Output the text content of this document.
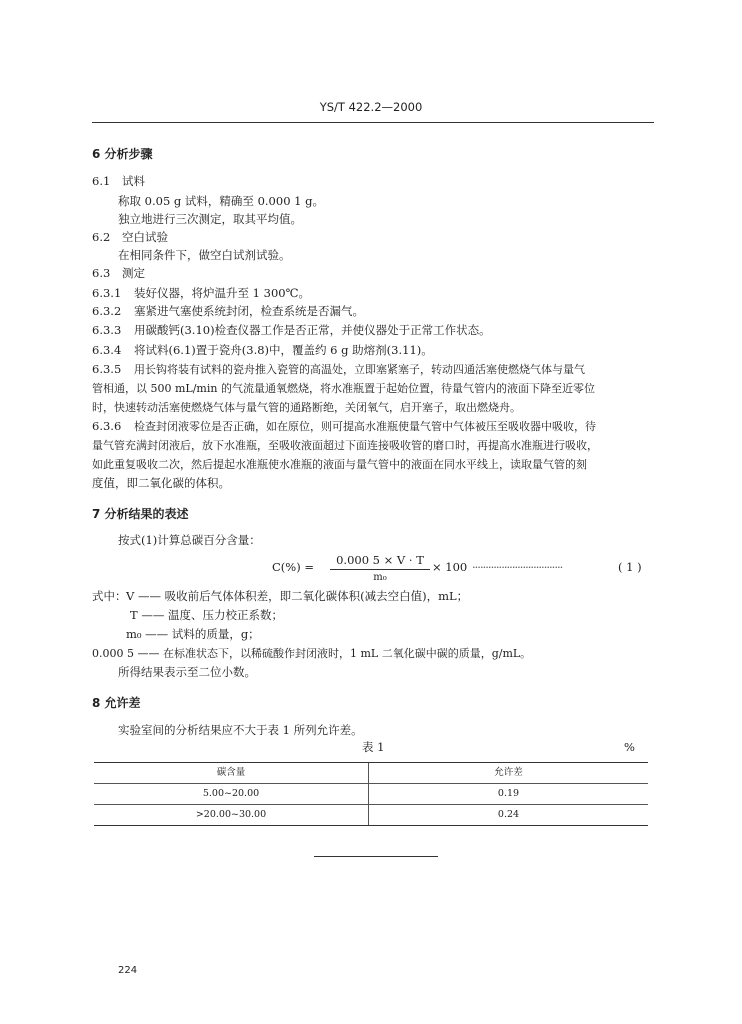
YS/T 422.2—2000
6 分析步骤
6.1 试料
称取 0.05 g 试料，精确至 0.000 1 g。
独立地进行三次测定，取其平均值。
6.2 空白试验
在相同条件下，做空白试剂试验。
6.3 测定
6.3.1 装好仪器，将炉温升至 1 300℃。
6.3.2 塞紧进气塞使系统封闭，检查系统是否漏气。
6.3.3 用碳酸钙(3.10)检查仪器工作是否正常，并使仪器处于正常工作状态。
6.3.4 将试料(6.1)置于瓷舟(3.8)中，覆盖约 6 g 助熔剂(3.11)。
6.3.5 用长钩将装有试料的瓷舟推入瓷管的高温处，立即塞紧塞子，转动四通活塞使燃烧气体与量气
管相通，以 500 mL/min 的气流量通氧燃烧，将水准瓶置于起始位置，待量气管内的液面下降至近零位
时，快速转动活塞使燃烧气体与量气管的通路断绝，关闭氧气，启开塞子，取出燃烧舟。
6.3.6 检查封闭液零位是否正确，如在原位，则可提高水准瓶使量气管中气体被压至吸收器中吸收，待
量气管充满封闭液后，放下水准瓶，至吸收液面超过下面连接吸收管的磨口时，再提高水准瓶进行吸收，
如此重复吸收二次，然后提起水准瓶使水准瓶的液面与量气管中的液面在同水平线上，读取量气管的刻
度值，即二氧化碳的体积。
7 分析结果的表述
按式(1)计算总碳百分含量：
$C(\%) = \frac{0.000 5 \times V \cdot T}{\text{m₀}} \times 100$ ··································	( 1 )
式中： V —— 吸收前后气体体积差，即二氧化碳体积(减去空白值)，mL；
T —— 温度、压力校正系数；
m₀ —— 试料的质量，g；
0.000 5 —— 在标准状态下，以稀硫酸作封闭液时，1 mL 二氧化碳中碳的质量，g/mL。
所得结果表示至二位小数。
8 允许差
实验室间的分析结果应不大于表 1 所列允许差。
表 1	%
碳含量	允许差
5.00~20.00	0.19
>20.00~30.00	0.24
224
